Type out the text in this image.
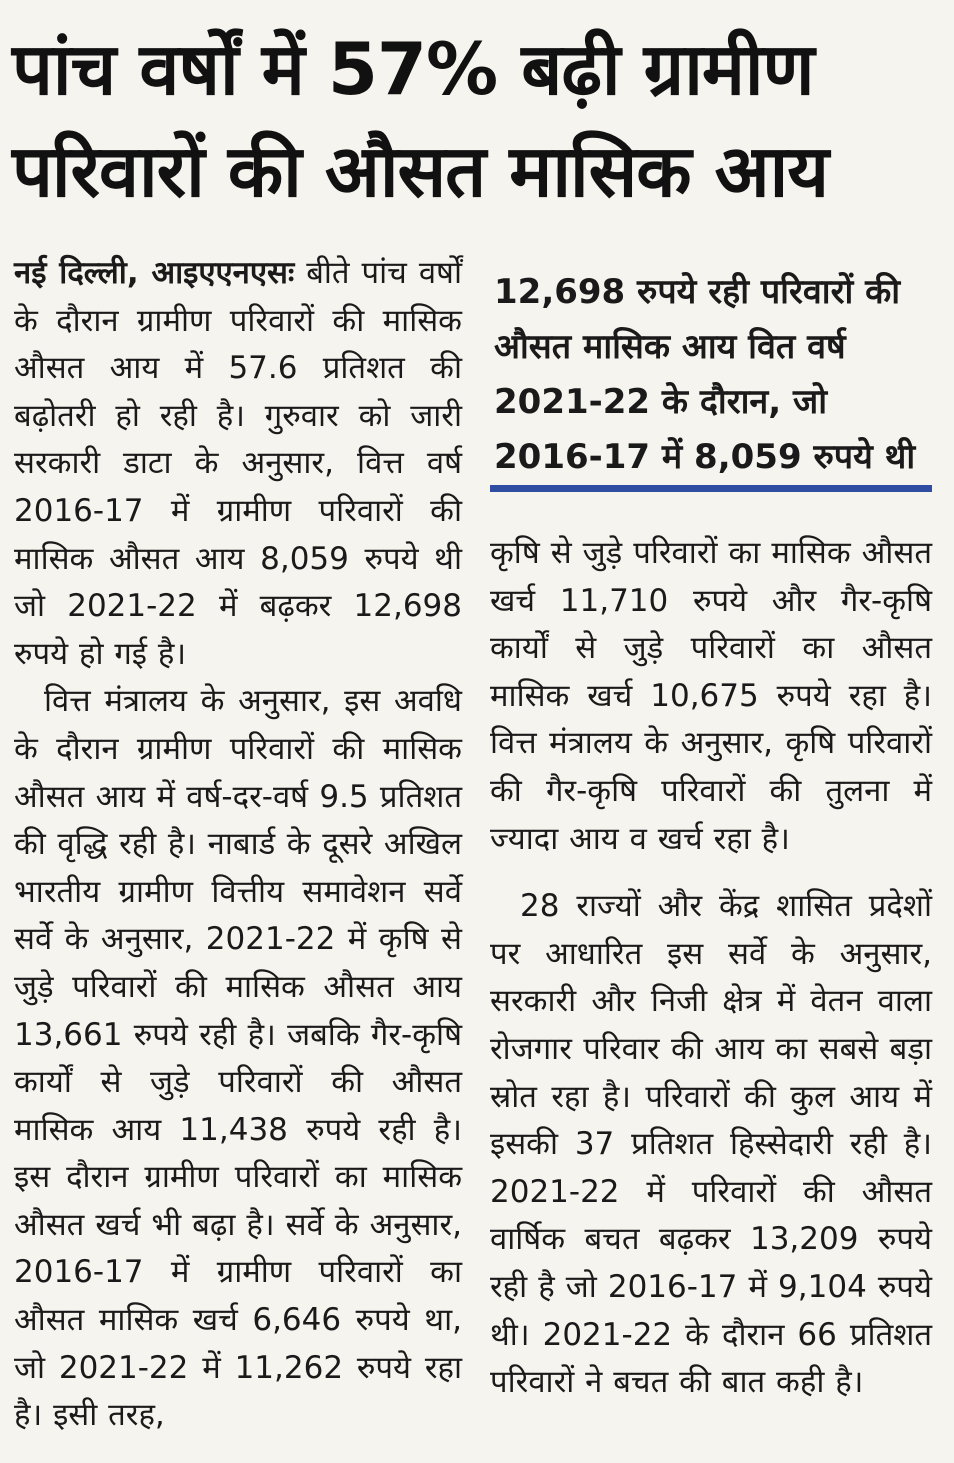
पांच वर्षों में 57% बढ़ी ग्रामीण परिवारों की औसत मासिक आय

नई दिल्ली, आइएएनएसः बीते पांच वर्षों के दौरान ग्रामीण परिवारों की मासिक औसत आय में 57.6 प्रतिशत की बढ़ोतरी हो रही है। गुरुवार को जारी सरकारी डाटा के अनुसार, वित्त वर्ष 2016-17 में ग्रामीण परिवारों की मासिक औसत आय 8,059 रुपये थी जो 2021-22 में बढ़कर 12,698 रुपये हो गई है।

वित्त मंत्रालय के अनुसार, इस अवधि के दौरान ग्रामीण परिवारों की मासिक औसत आय में वर्ष-दर-वर्ष 9.5 प्रतिशत की वृद्धि रही है। नाबार्ड के दूसरे अखिल भारतीय ग्रामीण वित्तीय समावेशन सर्वे सर्वे के अनुसार, 2021-22 में कृषि से जुड़े परिवारों की मासिक औसत आय 13,661 रुपये रही है। जबकि गैर-कृषि कार्यों से जुड़े परिवारों की औसत मासिक आय 11,438 रुपये रही है। इस दौरान ग्रामीण परिवारों का मासिक औसत खर्च भी बढ़ा है। सर्वे के अनुसार, 2016-17 में ग्रामीण परिवारों का औसत मासिक खर्च 6,646 रुपये था, जो 2021-22 में 11,262 रुपये रहा है। इसी तरह,

12,698 रुपये रही परिवारों की औसत मासिक आय वित वर्ष 2021-22 के दौरान, जो 2016-17 में 8,059 रुपये थी

कृषि से जुड़े परिवारों का मासिक औसत खर्च 11,710 रुपये और गैर-कृषि कार्यों से जुड़े परिवारों का औसत मासिक खर्च 10,675 रुपये रहा है। वित्त मंत्रालय के अनुसार, कृषि परिवारों की गैर-कृषि परिवारों की तुलना में ज्यादा आय व खर्च रहा है।

28 राज्यों और केंद्र शासित प्रदेशों पर आधारित इस सर्वे के अनुसार, सरकारी और निजी क्षेत्र में वेतन वाला रोजगार परिवार की आय का सबसे बड़ा स्रोत रहा है। परिवारों की कुल आय में इसकी 37 प्रतिशत हिस्सेदारी रही है। 2021-22 में परिवारों की औसत वार्षिक बचत बढ़कर 13,209 रुपये रही है जो 2016-17 में 9,104 रुपये थी। 2021-22 के दौरान 66 प्रतिशत परिवारों ने बचत की बात कही है।
